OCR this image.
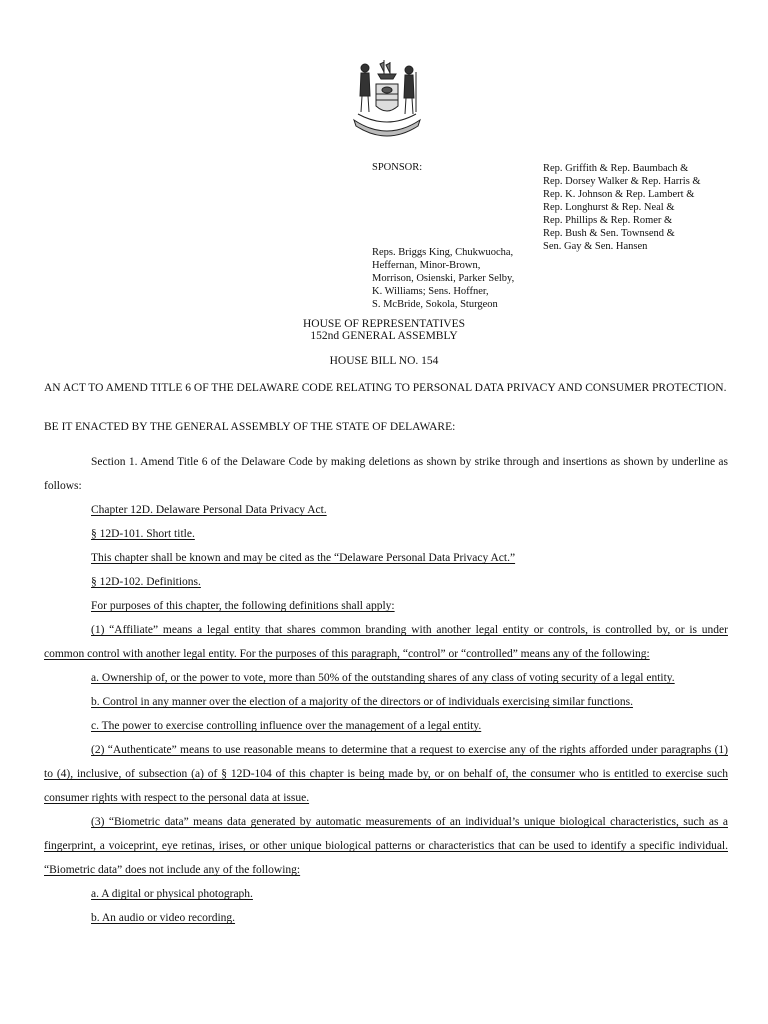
SPONSOR:	Rep. Griffith & Rep. Baumbach &
Rep. Dorsey Walker & Rep. Harris &
Rep. K. Johnson & Rep. Lambert &
Rep. Longhurst & Rep. Neal &
Rep. Phillips & Rep. Romer &
Rep. Bush & Sen. Townsend &
Sen. Gay & Sen. Hansen
Reps. Briggs King, Chukwuocha,
Heffernan, Minor-Brown,
Morrison, Osienski, Parker Selby,
K. Williams; Sens. Hoffner,
S. McBride, Sokola, Sturgeon
HOUSE OF REPRESENTATIVES
152nd GENERAL ASSEMBLY
HOUSE BILL NO. 154
AN ACT TO AMEND TITLE 6 OF THE DELAWARE CODE RELATING TO PERSONAL DATA PRIVACY AND CONSUMER PROTECTION.
BE IT ENACTED BY THE GENERAL ASSEMBLY OF THE STATE OF DELAWARE:

Section 1. Amend Title 6 of the Delaware Code by making deletions as shown by strike through and insertions as shown by underline as follows:

Chapter 12D. Delaware Personal Data Privacy Act.

§ 12D-101. Short title.

This chapter shall be known and may be cited as the “Delaware Personal Data Privacy Act.”

§ 12D-102. Definitions.

For purposes of this chapter, the following definitions shall apply:

(1) “Affiliate” means a legal entity that shares common branding with another legal entity or controls, is controlled by, or is under common control with another legal entity. For the purposes of this paragraph, “control” or “controlled” means any of the following:

a. Ownership of, or the power to vote, more than 50% of the outstanding shares of any class of voting security of a legal entity.

b. Control in any manner over the election of a majority of the directors or of individuals exercising similar functions.

c. The power to exercise controlling influence over the management of a legal entity.

(2) “Authenticate” means to use reasonable means to determine that a request to exercise any of the rights afforded under paragraphs (1) to (4), inclusive, of subsection (a) of § 12D-104 of this chapter is being made by, or on behalf of, the consumer who is entitled to exercise such consumer rights with respect to the personal data at issue.

(3) “Biometric data” means data generated by automatic measurements of an individual’s unique biological characteristics, such as a fingerprint, a voiceprint, eye retinas, irises, or other unique biological patterns or characteristics that can be used to identify a specific individual. “Biometric data” does not include any of the following:

a. A digital or physical photograph.

b. An audio or video recording.
